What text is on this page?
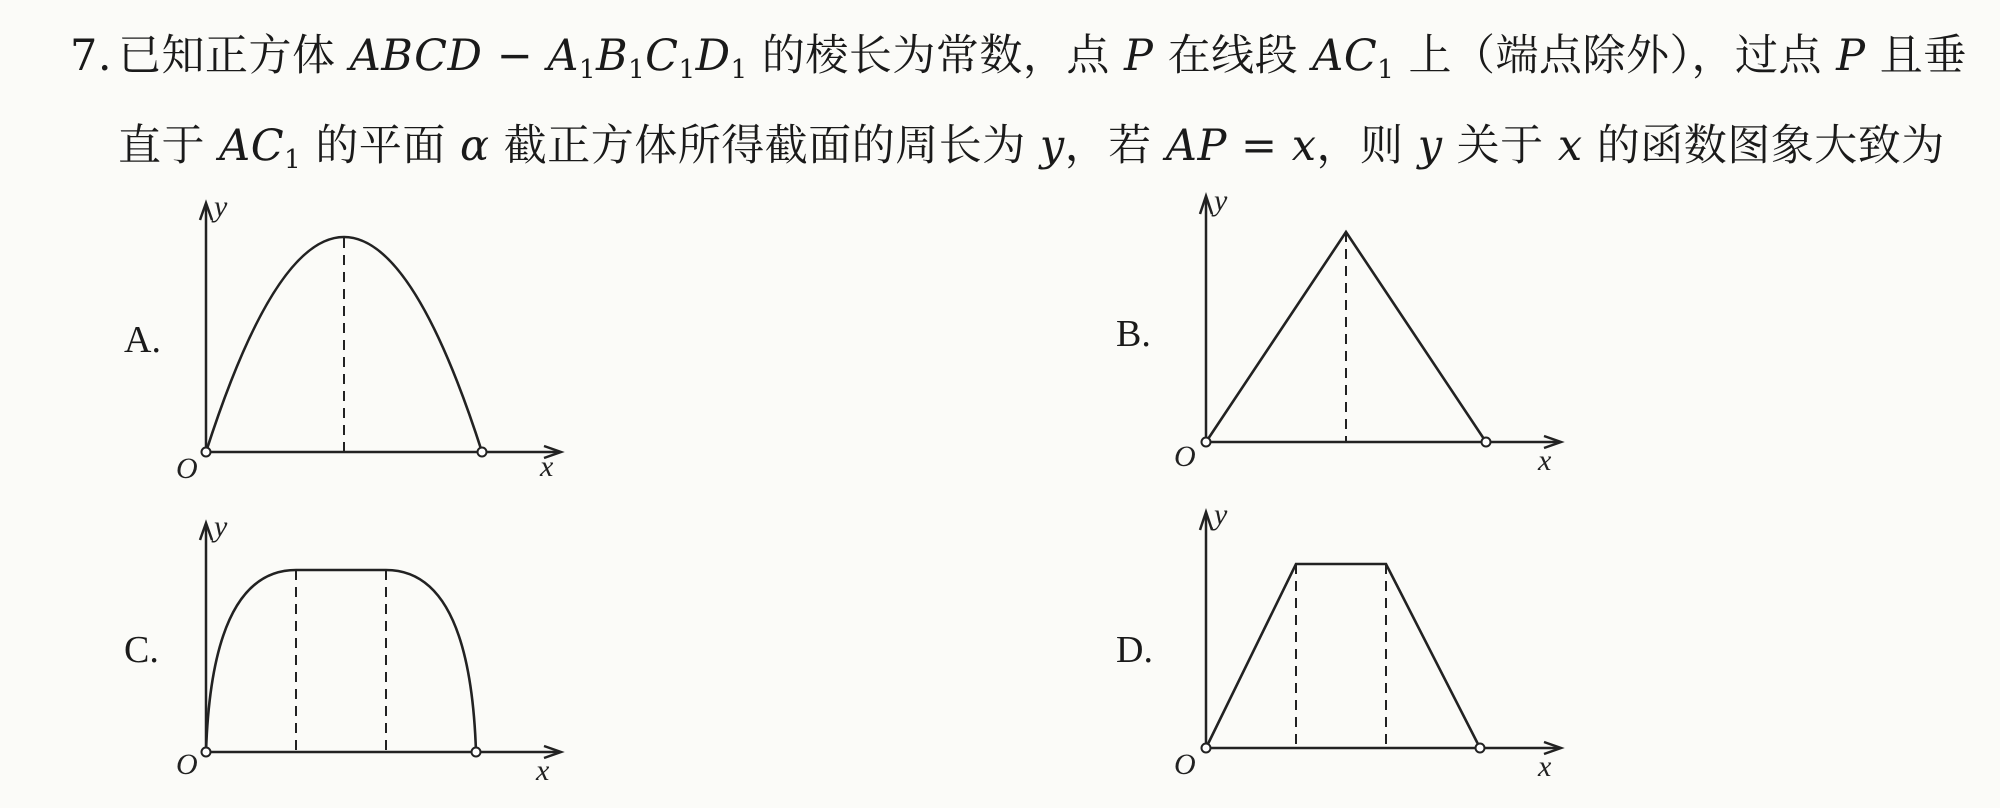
7. 已知正方体 ABCD − $A_1B_1C_1D_1$ 的棱长为常数，点 P 在线段 $AC_1$ 上（端点除外），过点 P 且垂
直于 $AC_1$ 的平面 α 截正方体所得截面的周长为 y，若 AP = x，则 y 关于 x 的函数图象大致为
A.
O	x
y
B.
O	x
y
C.
O	x
y
D.
O	x
y
